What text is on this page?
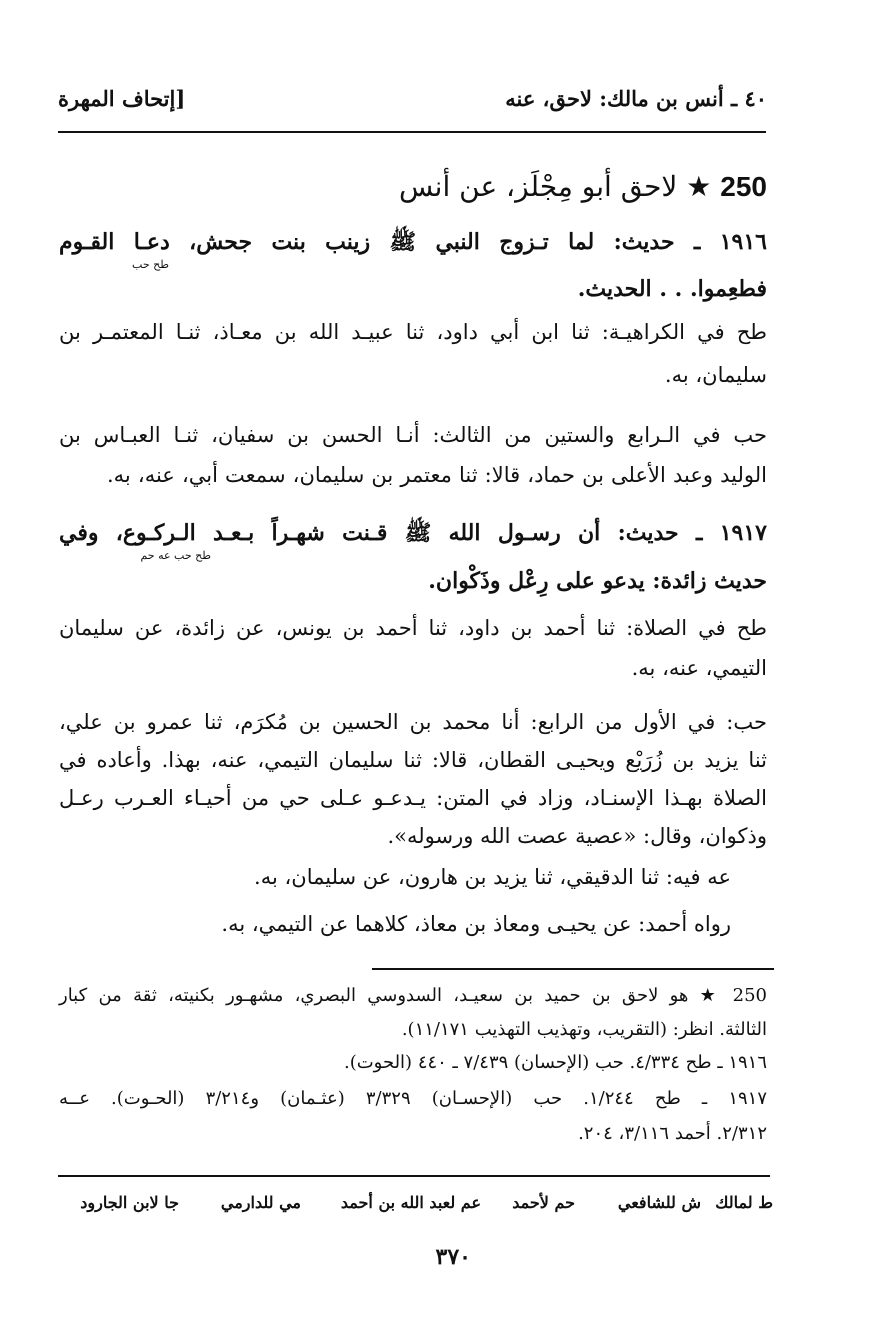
٤٠ ـ أنس بن مالك: لاحق، عنه
[إتحاف المهرة
250 ★ لاحق أبو مِجْلَز، عن أنس
١٩١٦ ـ حديث: لما تـزوج النبي ﷺ زينب بنت جحش، دعـا القـوم
طح حب
فطعِموا. . . الحديث.
طح في الكراهيـة: ثنا ابن أبي داود، ثنا عبيـد الله بن معـاذ، ثنـا المعتمـر بن
سليمان، به.
حب في الـرابع والستين من الثالث: أنـا الحسن بن سفيان، ثنـا العبـاس بن
الوليد وعبد الأعلى بن حماد، قالا: ثنا معتمر بن سليمان، سمعت أبي، عنه، به.
١٩١٧ ـ حديث: أن رسـول الله ﷺ قـنت شهـراً بـعـد الـركـوع، وفي
طح حب عه حم
حديث زائدة: يدعو على رِعْل وذَكْوان.
طح في الصلاة: ثنا أحمد بن داود، ثنا أحمد بن يونس، عن زائدة، عن سليمان
التيمي، عنه، به.
حب: في الأول من الرابع: أنا محمد بن الحسين بن مُكرَم، ثنا عمرو بن علي،
ثنا يزيد بن زُرَيْع ويحيـى القطان، قالا: ثنا سليمان التيمي، عنه، بهذا. وأعاده في
الصلاة بهـذا الإسنـاد، وزاد في المتن: يـدعـو عـلى حي من أحيـاء العـرب رعـل
وذكوان، وقال: «عصية عصت الله ورسوله».
عه فيه: ثنا الدقيقي، ثنا يزيد بن هارون، عن سليمان، به.
رواه أحمد: عن يحيـى ومعاذ بن معاذ، كلاهما عن التيمي، به.
250 ★ هو لاحق بن حميد بن سعيـد، السدوسي البصري، مشهـور بكنيته، ثقة من كبار
الثالثة. انظر: (التقريب، وتهذيب التهذيب ١١/١٧١).
١٩١٦ ـ طح ٤/٣٣٤. حب (الإحسان) ٧/٤٣٩ ـ ٤٤٠ (الحوت).
١٩١٧ ـ طح ١/٢٤٤. حب (الإحسـان) ٣/٣٢٩ (عثـمان) و٣/٢١٤ (الحـوت). عــه
٢/٣١٢. أحمد ٣/١١٦، ٢٠٤.
ط لمالك
ش للشافعي
حم لأحمد
عم لعبد الله بن أحمد
مي للدارمي
جا لابن الجارود
٣٧٠
